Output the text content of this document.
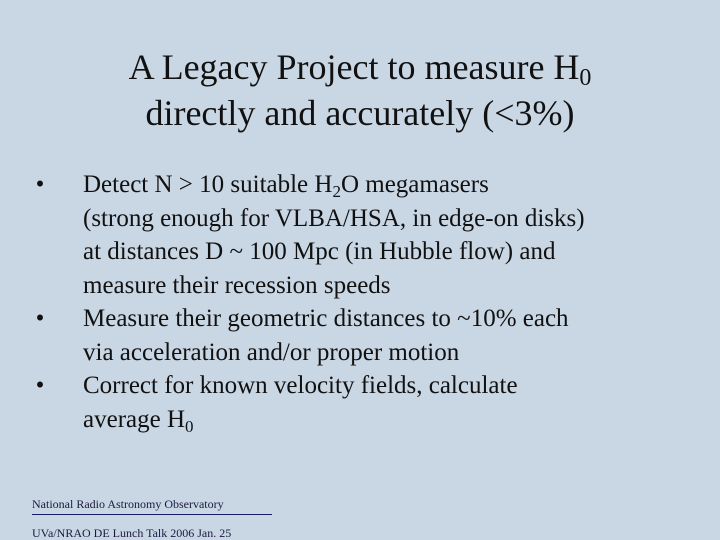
A Legacy Project to measure $H_0$
directly and accurately (<3%)
• Detect N > 10 suitable $H_2O$ megamasers
(strong enough for VLBA/HSA, in edge-on disks)
at distances D ~ 100 Mpc (in Hubble flow) and
measure their recession speeds
• Measure their geometric distances to ~10% each
via acceleration and/or proper motion
• Correct for known velocity fields, calculate
average $H_0$
National Radio Astronomy Observatory
UVa/NRAO DE Lunch Talk 2006 Jan. 25
